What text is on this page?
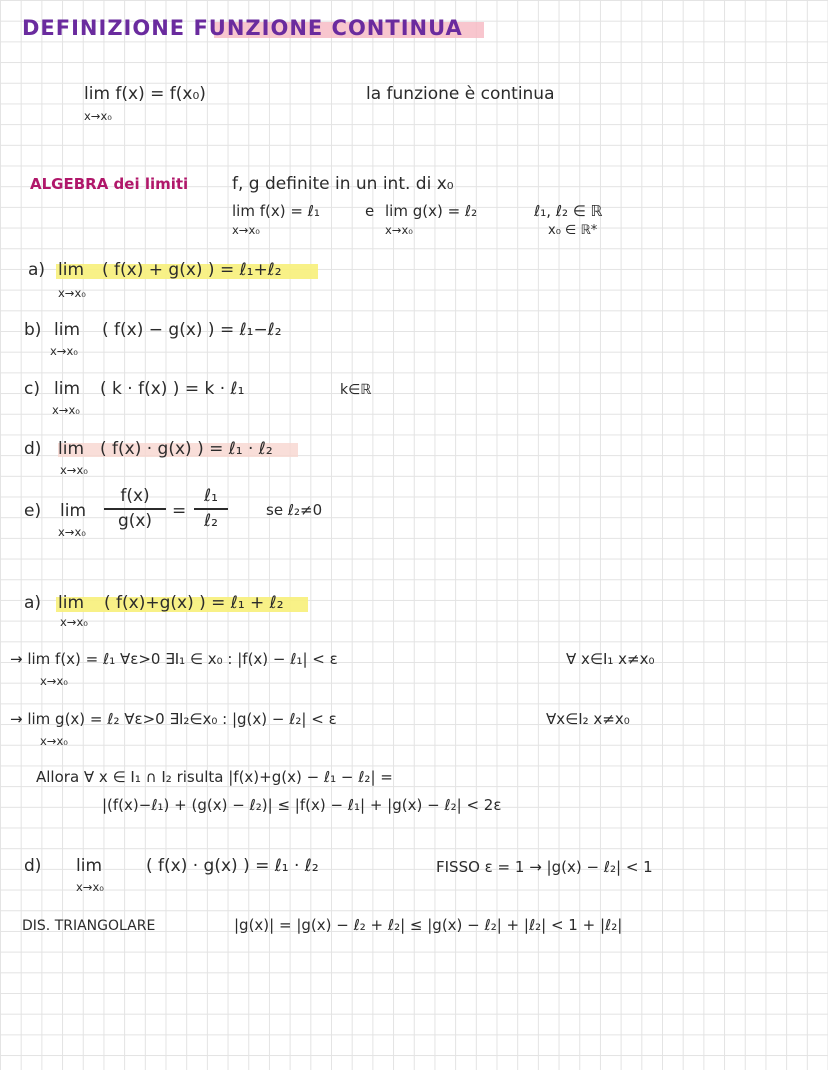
DEFINIZIONE FUNZIONE CONTINUA
lim f(x) = f(x₀)
x→x₀
la funzione è continua
ALGEBRA dei limiti	f, g definite in un int. di x₀
lim f(x) = ℓ₁
x→x₀
e lim g(x) = ℓ₂
x→x₀
ℓ₁, ℓ₂ ∈ ℝ
x₀ ∈ ℝ*
a) lim
x→x₀
( f(x) + g(x) ) = ℓ₁+ℓ₂
b) lim
x→x₀
( f(x) − g(x) ) = ℓ₁−ℓ₂
c) lim
x→x₀
( k · f(x) ) = k · ℓ₁	k∈ℝ
d) lim
x→x₀
( f(x) · g(x) ) = ℓ₁ · ℓ₂
e) lim
x→x₀
f(x)
g(x)	=
ℓ₁
ℓ₂
se ℓ₂≠0
a) lim
x→x₀
( f(x)+g(x) ) = ℓ₁ + ℓ₂
→ lim f(x) = ℓ₁ ∀ε>0 ∃I₁ ∈ x₀ : |f(x) − ℓ₁| < ε
x→x₀
∀ x∈I₁ x≠x₀
→ lim g(x) = ℓ₂ ∀ε>0 ∃I₂∈x₀ : |g(x) − ℓ₂| < ε
x→x₀
∀x∈I₂ x≠x₀
Allora ∀ x ∈ I₁ ∩ I₂ risulta |f(x)+g(x) − ℓ₁ − ℓ₂| =
|(f(x)−ℓ₁) + (g(x) − ℓ₂)| ≤ |f(x) − ℓ₁| + |g(x) − ℓ₂| < 2ε
d) lim
x→x₀
( f(x) · g(x) ) = ℓ₁ · ℓ₂	FISSO ε = 1 → |g(x) − ℓ₂| < 1
DIS. TRIANGOLARE	|g(x)| = |g(x) − ℓ₂ + ℓ₂| ≤ |g(x) − ℓ₂| + |ℓ₂| < 1 + |ℓ₂|
